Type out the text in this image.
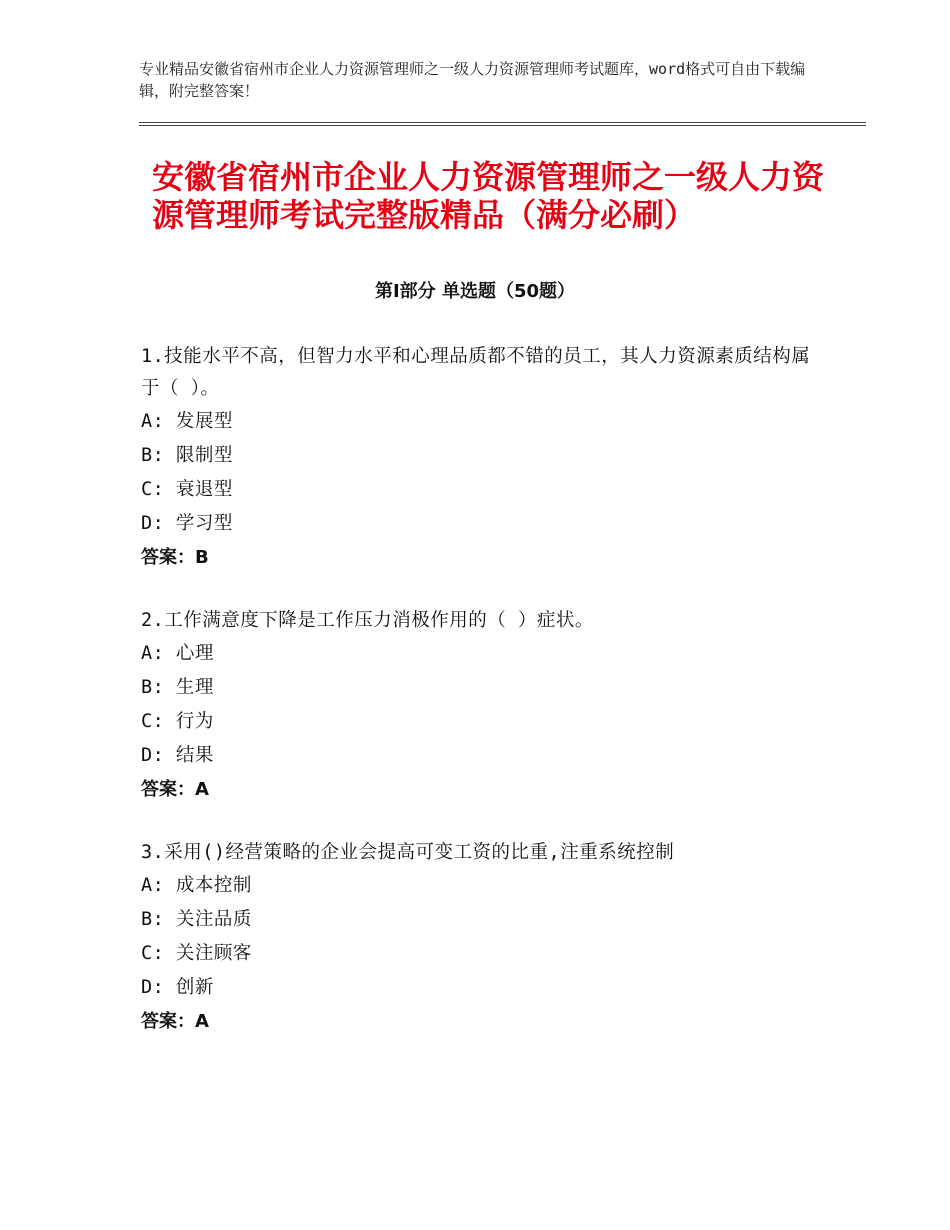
专业精品安徽省宿州市企业人力资源管理师之一级人力资源管理师考试题库，word格式可自由下载编辑，附完整答案！
安徽省宿州市企业人力资源管理师之一级人力资源管理师考试完整版精品（满分必刷）
第Ⅰ部分 单选题（50题）
1.技能水平不高，但智力水平和心理品质都不错的员工，其人力资源素质结构属 于（ ）。
A: 发展型
B: 限制型
C: 衰退型
D: 学习型
答案：B
2.工作满意度下降是工作压力消极作用的（ ）症状。
A: 心理
B: 生理
C: 行为
D: 结果
答案：A
3.采用()经营策略的企业会提高可变工资的比重,注重系统控制
A: 成本控制
B: 关注品质
C: 关注顾客
D: 创新
答案：A
